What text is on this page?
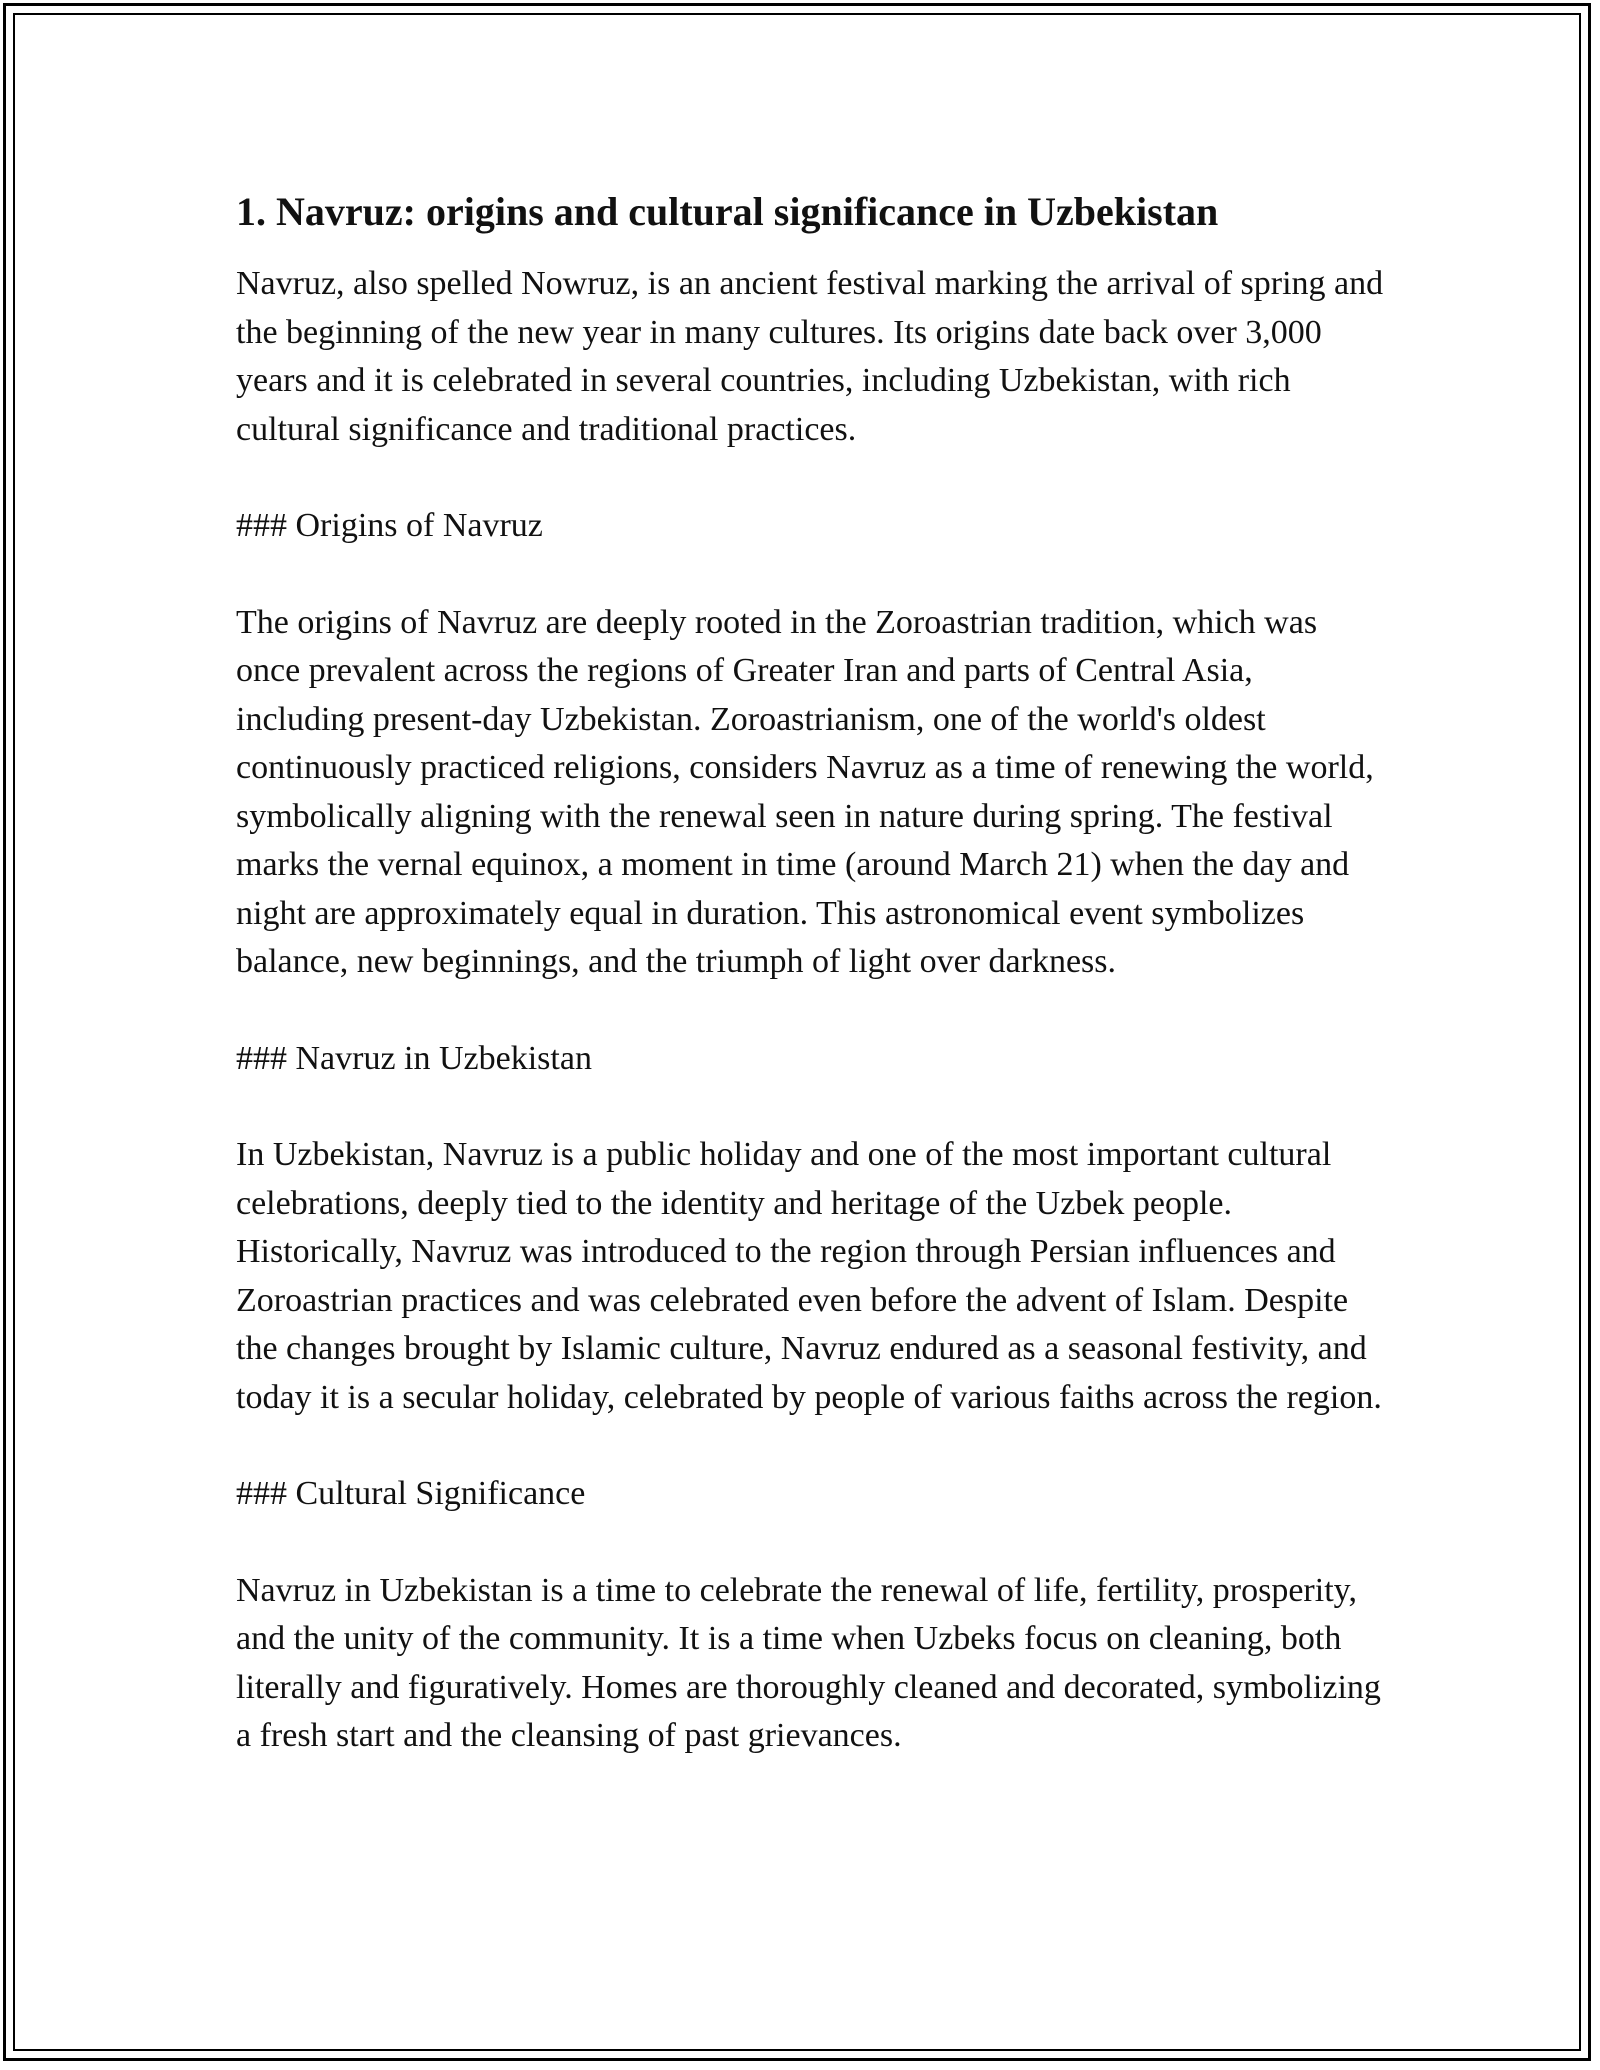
1. Navruz: origins and cultural significance in Uzbekistan

Navruz, also spelled Nowruz, is an ancient festival marking the arrival of spring and the beginning of the new year in many cultures. Its origins date back over 3,000 years and it is celebrated in several countries, including Uzbekistan, with rich cultural significance and traditional practices.

### Origins of Navruz

The origins of Navruz are deeply rooted in the Zoroastrian tradition, which was once prevalent across the regions of Greater Iran and parts of Central Asia, including present-day Uzbekistan. Zoroastrianism, one of the world's oldest continuously practiced religions, considers Navruz as a time of renewing the world, symbolically aligning with the renewal seen in nature during spring. The festival marks the vernal equinox, a moment in time (around March 21) when the day and night are approximately equal in duration. This astronomical event symbolizes balance, new beginnings, and the triumph of light over darkness.

### Navruz in Uzbekistan

In Uzbekistan, Navruz is a public holiday and one of the most important cultural celebrations, deeply tied to the identity and heritage of the Uzbek people. Historically, Navruz was introduced to the region through Persian influences and Zoroastrian practices and was celebrated even before the advent of Islam. Despite the changes brought by Islamic culture, Navruz endured as a seasonal festivity, and today it is a secular holiday, celebrated by people of various faiths across the region.

### Cultural Significance

Navruz in Uzbekistan is a time to celebrate the renewal of life, fertility, prosperity, and the unity of the community. It is a time when Uzbeks focus on cleaning, both literally and figuratively. Homes are thoroughly cleaned and decorated, symbolizing a fresh start and the cleansing of past grievances.
